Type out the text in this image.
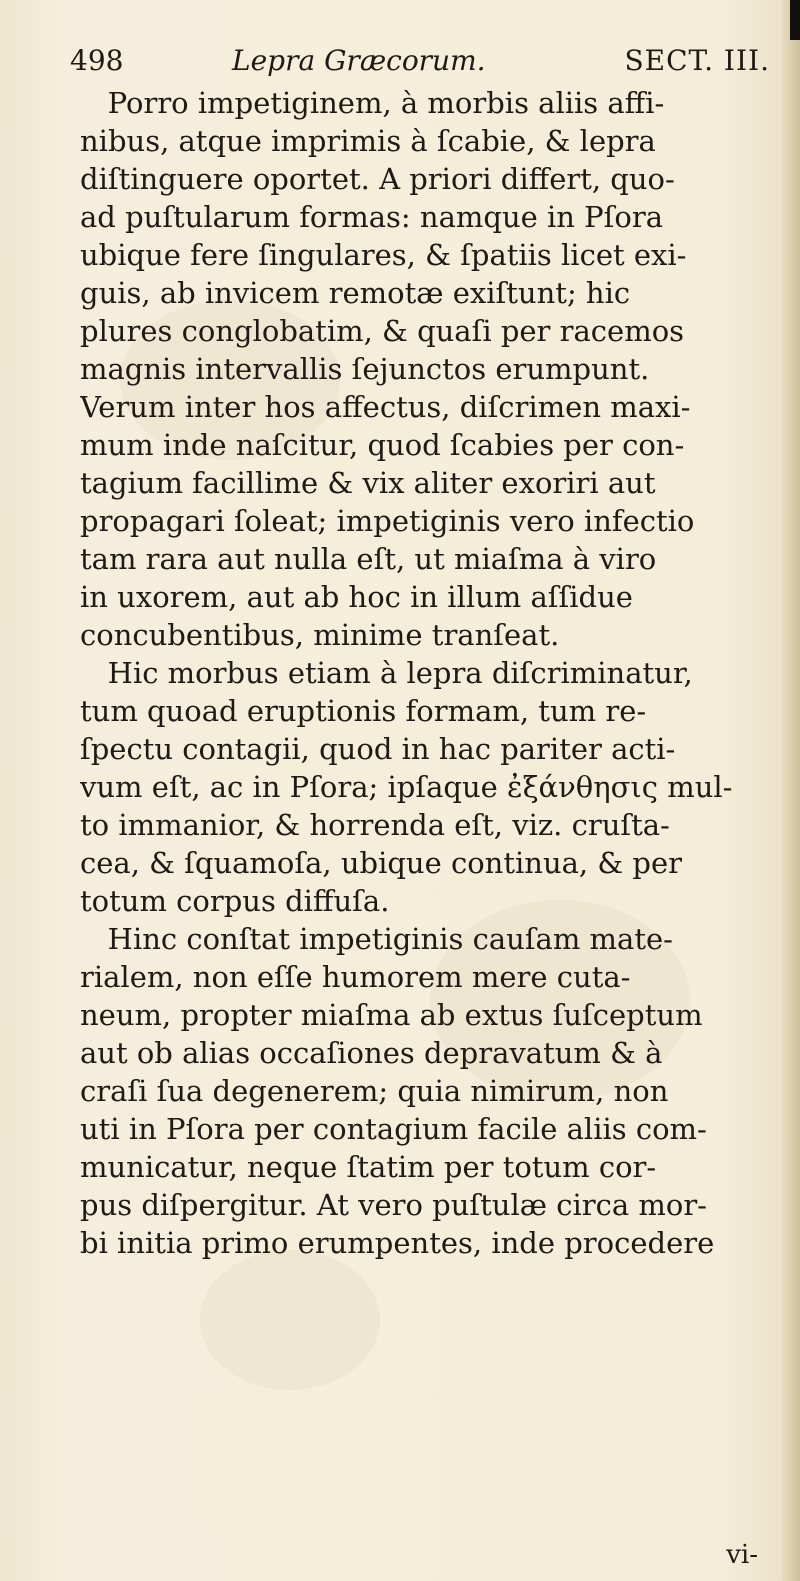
498	Lepra Græcorum.	SECT. III.
Porro impetiginem, à morbis aliis affi-
nibus, atque imprimis à ſcabie, & lepra
diſtinguere oportet. A priori differt, quo-
ad puſtularum formas: namque in Pſora
ubique fere ſingulares, & ſpatiis licet exi-
guis, ab invicem remotæ exiſtunt; hic
plures conglobatim, & quaſi per racemos
magnis intervallis ſejunctos erumpunt.
Verum inter hos affectus, diſcrimen maxi-
mum inde naſcitur, quod ſcabies per con-
tagium facillime & vix aliter exoriri aut
propagari ſoleat; impetiginis vero infectio
tam rara aut nulla eſt, ut miaſma à viro
in uxorem, aut ab hoc in illum aſſidue
concubentibus, minime tranſeat.
Hic morbus etiam à lepra diſcriminatur,
tum quoad eruptionis formam, tum re-
ſpectu contagii, quod in hac pariter acti-
vum eſt, ac in Pſora; ipſaque ἐξάνθησις mul-
to immanior, & horrenda eſt, viz. cruſta-
cea, & ſquamoſa, ubique continua, & per
totum corpus diffuſa.
Hinc conſtat impetiginis cauſam mate-
rialem, non eſſe humorem mere cuta-
neum, propter miaſma ab extus ſuſceptum
aut ob alias occaſiones depravatum & à
craſi ſua degenerem; quia nimirum, non
uti in Pſora per contagium facile aliis com-
municatur, neque ſtatim per totum cor-
pus diſpergitur. At vero puſtulæ circa mor-
bi initia primo erumpentes, inde procedere
vi-
